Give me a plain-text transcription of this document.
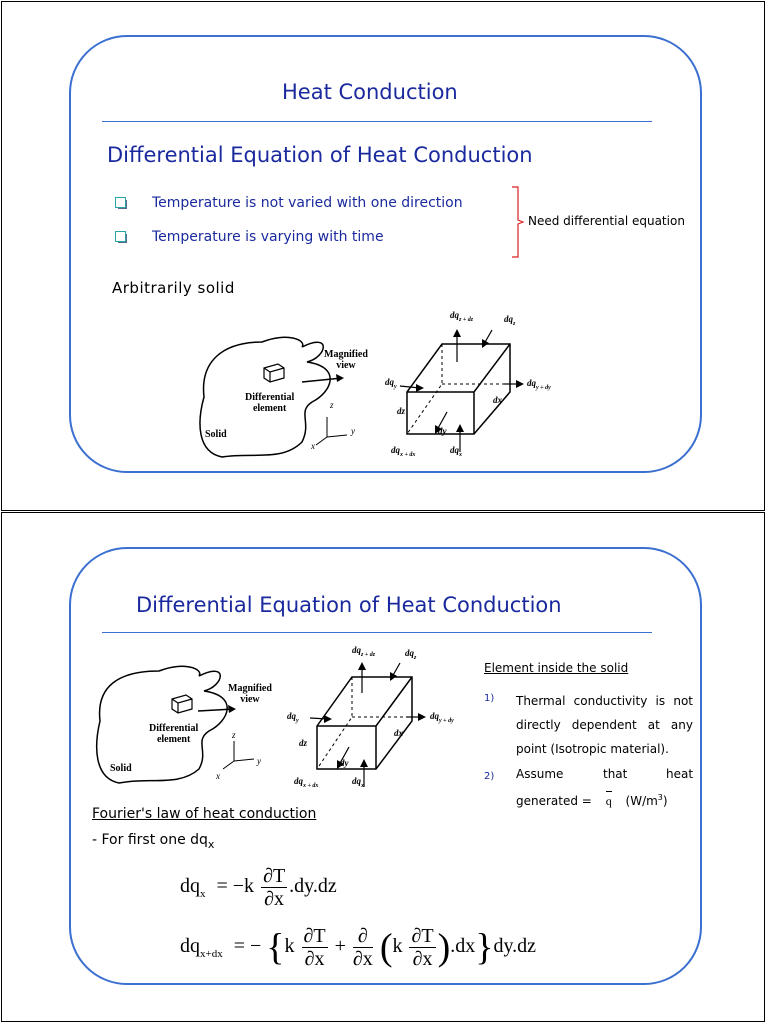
Heat Conduction
Differential Equation of Heat Conduction
Temperature is not varied with one direction
Temperature is varying with time
Need differential equation
Arbitrarily solid
Magnified
view
Differential
element
Solid
z
y
x
$dq_{z + dz}$	$dq_z$
$dq_y$	$dq_{y + dy}$
dz
dy
dx
$dq_{x + dx}$	$dq_x$
Differential Equation of Heat Conduction
Magnified
view
Differential
element
Solid
z
y
x
$dq_{z + dz}$	$dq_z$
$dq_y$	$dq_{y + dy}$
dz
dy
dx
$dq_{x + dx}$	$dq_x$
Element inside the solid
1) Thermal conductivity is not
directly dependent at any
point (Isotropic material).
2) Assume	that	heat
generated = q $(W/m^3)$
Fourier's law of heat conduction
- For first one $dq_x$
$dq_x = -k \frac{\partial T}{\partial x} .dy.dz$
$dq_{x+dx}$ = − $\{k \frac{\partial T}{\partial x} + \frac{\partial}{\partial x} (k \frac{\partial T}{\partial x} ).dx\}dy.dz$
